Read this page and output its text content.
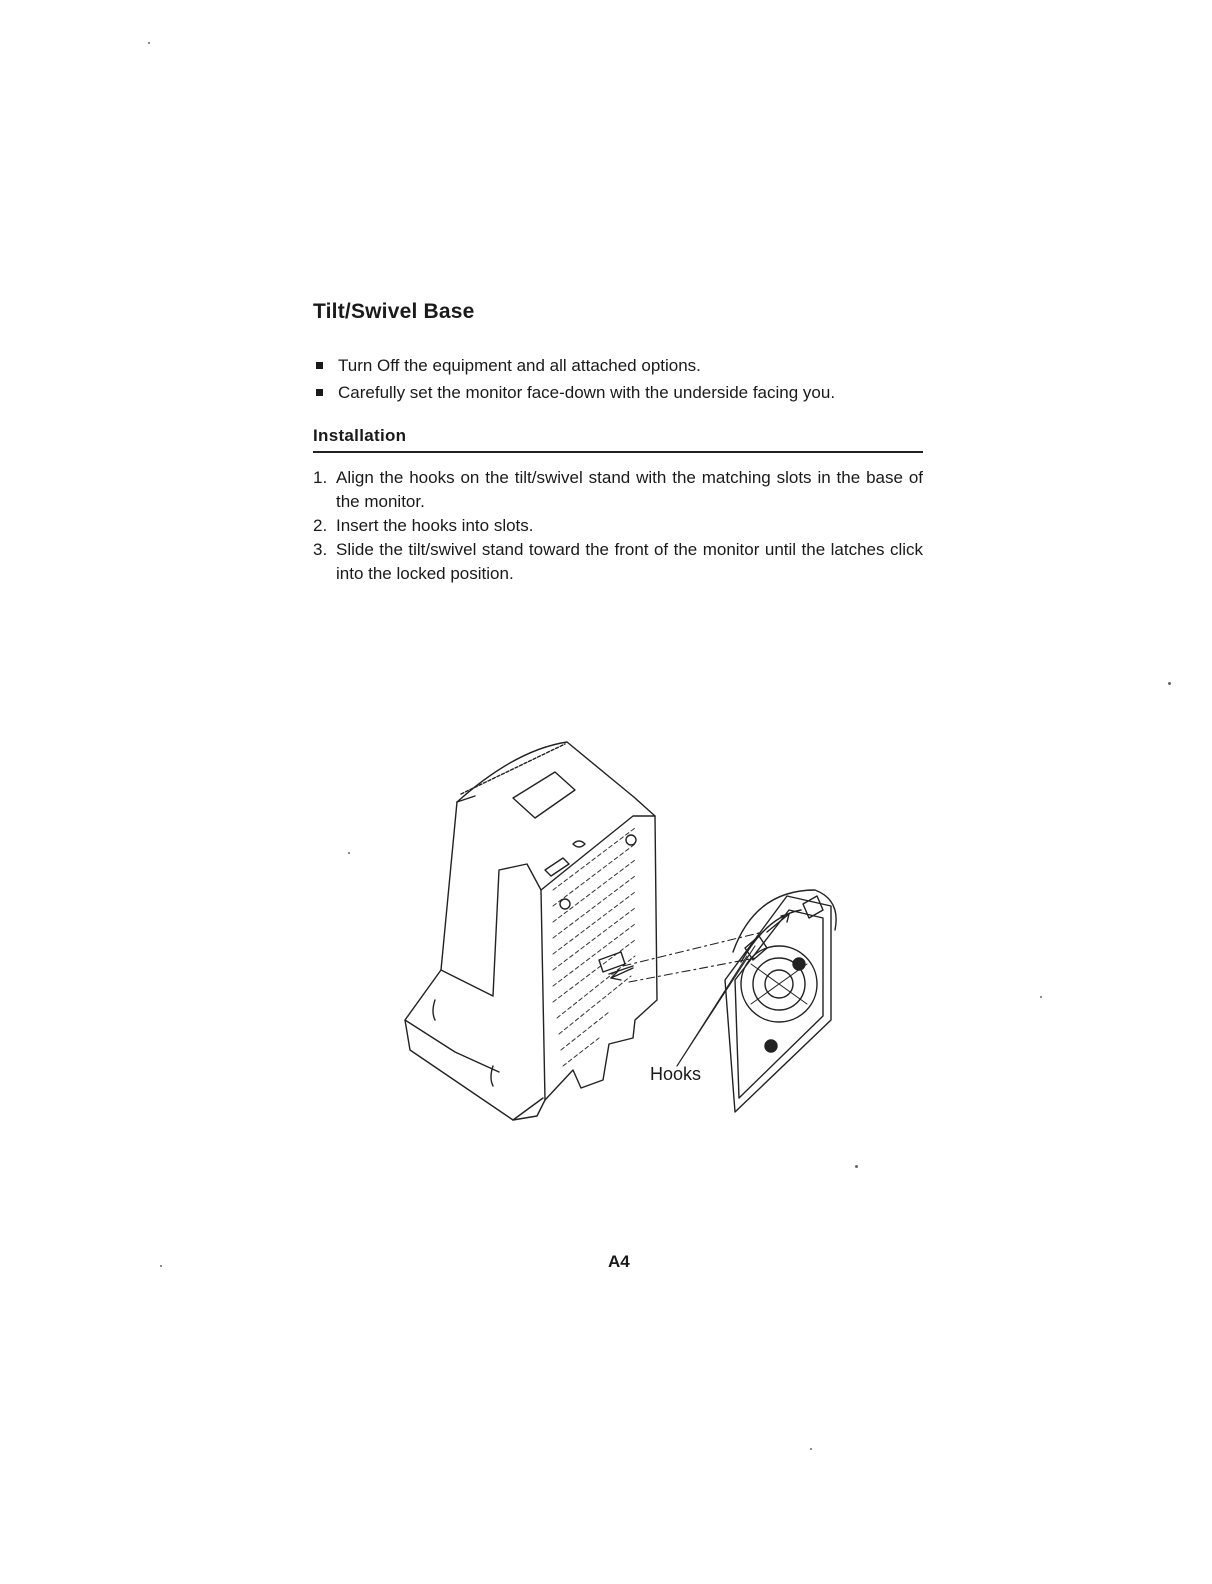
Tilt/Swivel Base
Turn Off the equipment and all attached options.
Carefully set the monitor face-down with the underside facing you.
Installation
1. Align the hooks on the tilt/swivel stand with the matching slots in the base of the monitor.
2. Insert the hooks into slots.
3. Slide the tilt/swivel stand toward the front of the monitor until the latches click into the locked position.
Hooks
A4
